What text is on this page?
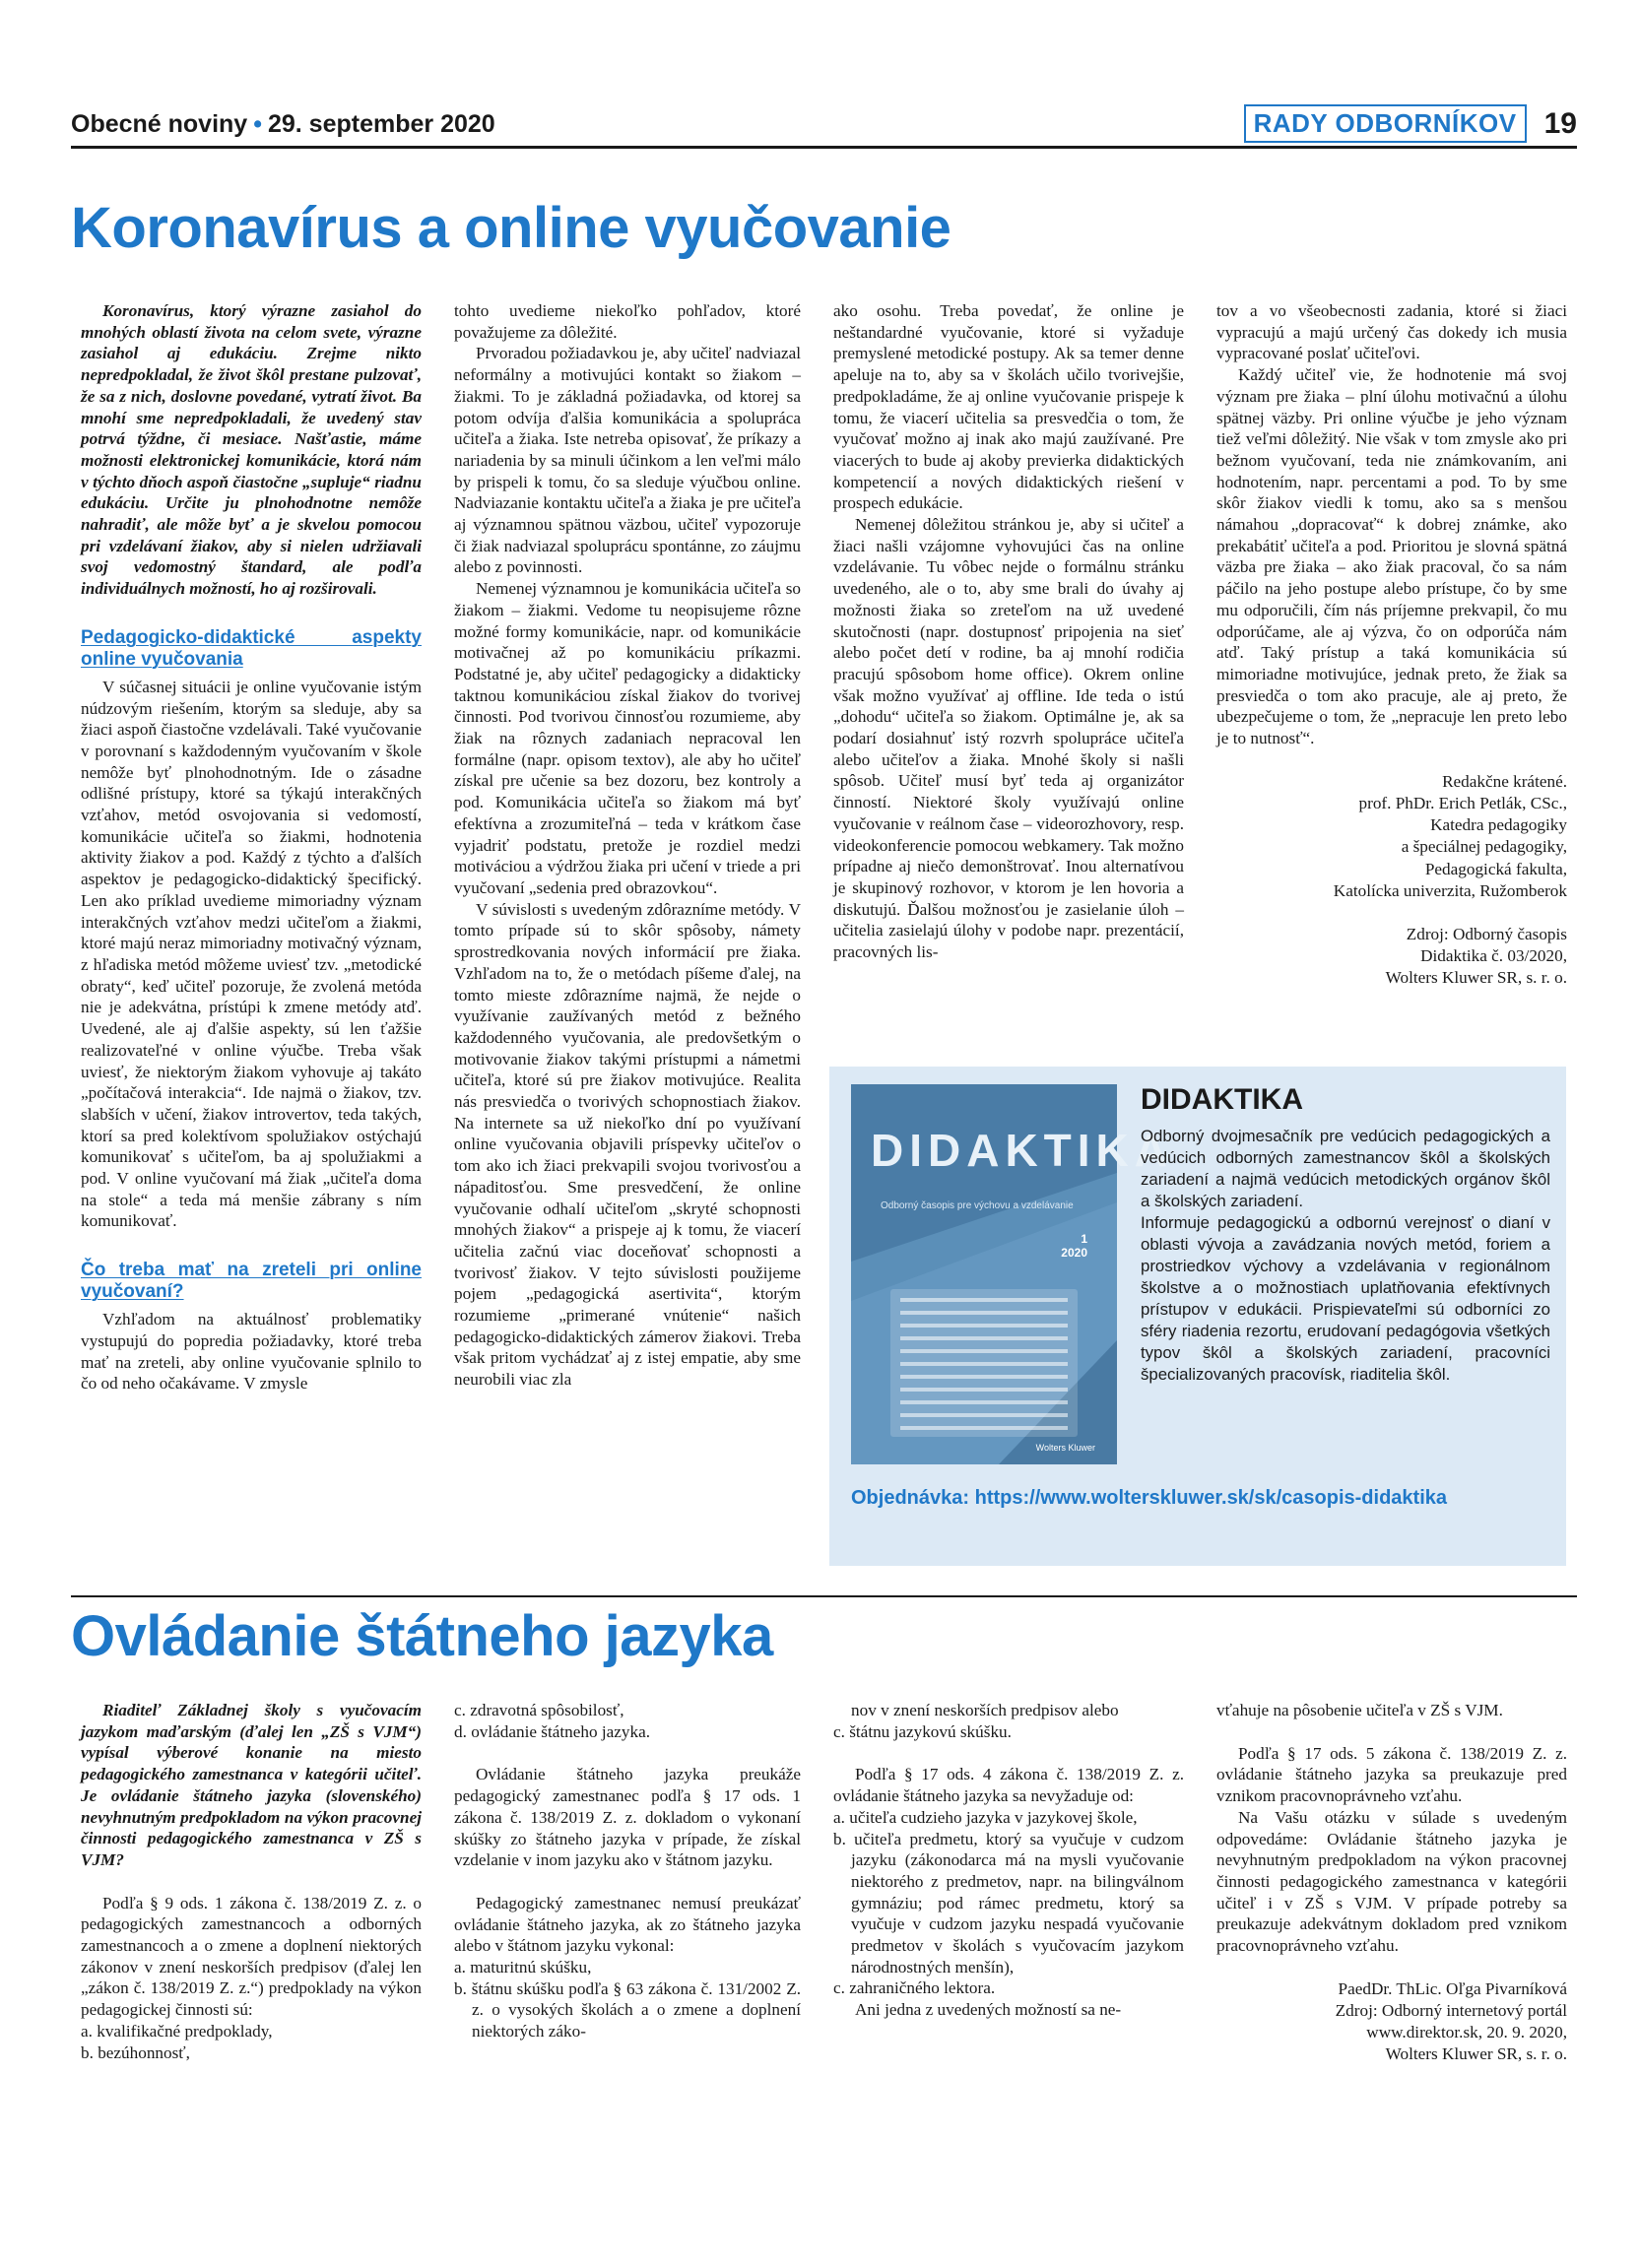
Obecné noviny • 29. september 2020	RADY ODBORNÍKOV 19
Koronavírus a online vyučovanie

Koronavírus, ktorý výrazne zasiahol do mnohých oblastí života na celom svete, výrazne zasiahol aj edukáciu. Zrejme nikto nepredpokladal, že život škôl prestane pulzovať, že sa z nich, doslovne povedané, vytratí život. Ba mnohí sme nepredpokladali, že uvedený stav potrvá týždne, či mesiace. Našťastie, máme možnosti elektronickej komunikácie, ktorá nám v týchto dňoch aspoň čiastočne „supluje“ riadnu edukáciu. Určite ju plnohodnotne nemôže nahradiť, ale môže byť a je skvelou pomocou pri vzdelávaní žiakov, aby si nielen udržiavali svoj vedomostný štandard, ale podľa individuálnych možností, ho aj rozširovali.

Pedagogicko-didaktické aspekty online vyučovania

V súčasnej situácii je online vyučovanie istým núdzovým riešením, ktorým sa sleduje, aby sa žiaci aspoň čiastočne vzdelávali. Také vyučovanie v porovnaní s každodenným vyučovaním v škole nemôže byť plnohodnotným. Ide o zásadne odlišné prístupy, ktoré sa týkajú interakčných vzťahov, metód osvojovania si vedomostí, komunikácie učiteľa so žiakmi, hodnotenia aktivity žiakov a pod. Každý z týchto a ďalších aspektov je pedagogicko-didaktický špecifický. Len ako príklad uvedieme mimoriadny význam interakčných vzťahov medzi učiteľom a žiakmi, ktoré majú neraz mimoriadny motivačný význam, z hľadiska metód môžeme uviesť tzv. „metodické obraty“, keď učiteľ pozoruje, že zvolená metóda nie je adekvátna, prístúpi k zmene metódy atď. Uvedené, ale aj ďalšie aspekty, sú len ťažšie realizovateľné v online výučbe. Treba však uviesť, že niektorým žiakom vyhovuje aj takáto „počítačová interakcia“. Ide najmä o žiakov, tzv. slabších v učení, žiakov introvertov, teda takých, ktorí sa pred kolektívom spolužiakov ostýchajú komunikovať s učiteľom, ba aj spolužiakmi a pod. V online vyučovaní má žiak „učiteľa doma na stole“ a teda má menšie zábrany s ním komunikovať.

Čo treba mať na zreteli pri online vyučovaní?

Vzhľadom na aktuálnosť problematiky vystupujú do popredia požiadavky, ktoré treba mať na zreteli, aby online vyučovanie splnilo to čo od neho očakávame. V zmysle

tohto uvedieme niekoľko pohľadov, ktoré považujeme za dôležité.

Prvoradou požiadavkou je, aby učiteľ nadviazal neformálny a motivujúci kontakt so žiakom – žiakmi. To je základná požiadavka, od ktorej sa potom odvíja ďalšia komunikácia a spolupráca učiteľa a žiaka. Iste netreba opisovať, že príkazy a nariadenia by sa minuli účinkom a len veľmi málo by prispeli k tomu, čo sa sleduje výučbou online. Nadviazanie kontaktu učiteľa a žiaka je pre učiteľa aj významnou spätnou väzbou, učiteľ vypozoruje či žiak nadviazal spoluprácu spontánne, zo záujmu alebo z povinnosti.

Nemenej významnou je komunikácia učiteľa so žiakom – žiakmi. Vedome tu neopisujeme rôzne možné formy komunikácie, napr. od komunikácie motivačnej až po komunikáciu príkazmi. Podstatné je, aby učiteľ pedagogicky a didakticky taktnou komunikáciou získal žiakov do tvorivej činnosti. Pod tvorivou činnosťou rozumieme, aby žiak na rôznych zadaniach nepracoval len formálne (napr. opisom textov), ale aby ho učiteľ získal pre učenie sa bez dozoru, bez kontroly a pod. Komunikácia učiteľa so žiakom má byť efektívna a zrozumiteľná – teda v krátkom čase vyjadriť podstatu, pretože je rozdiel medzi motiváciou a výdržou žiaka pri učení v triede a pri vyučovaní „sedenia pred obrazovkou“.

V súvislosti s uvedeným zdôrazníme metódy. V tomto prípade sú to skôr spôsoby, námety sprostredkovania nových informácií pre žiaka. Vzhľadom na to, že o metódach píšeme ďalej, na tomto mieste zdôrazníme najmä, že nejde o využívanie zaužívaných metód z bežného každodenného vyučovania, ale predovšetkým o motivovanie žiakov takými prístupmi a námetmi učiteľa, ktoré sú pre žiakov motivujúce. Realita nás presviedča o tvorivých schopnostiach žiakov. Na internete sa už niekoľko dní po využívaní online vyučovania objavili príspevky učiteľov o tom ako ich žiaci prekvapili svojou tvorivosťou a nápaditosťou. Sme presvedčení, že online vyučovanie odhalí učiteľom „skryté schopnosti mnohých žiakov“ a prispeje aj k tomu, že viacerí učitelia začnú viac doceňovať schopnosti a tvorivosť žiakov. V tejto súvislosti použijeme pojem „pedagogická asertivita“, ktorým rozumieme „primerané vnútenie“ našich pedagogicko-didaktických zámerov žiakovi. Treba však pritom vychádzať aj z istej empatie, aby sme neurobili viac zla

ako osohu. Treba povedať, že online je neštandardné vyučovanie, ktoré si vyžaduje premyslené metodické postupy. Ak sa temer denne apeluje na to, aby sa v školách učilo tvorivejšie, predpokladáme, že aj online vyučovanie prispeje k tomu, že viacerí učitelia sa presvedčia o tom, že vyučovať možno aj inak ako majú zaužívané. Pre viacerých to bude aj akoby previerka didaktických kompetencií a nových didaktických riešení v prospech edukácie.

Nemenej dôležitou stránkou je, aby si učiteľ a žiaci našli vzájomne vyhovujúci čas na online vzdelávanie. Tu vôbec nejde o formálnu stránku uvedeného, ale o to, aby sme brali do úvahy aj možnosti žiaka so zreteľom na už uvedené skutočnosti (napr. dostupnosť pripojenia na sieť alebo počet detí v rodine, ba aj mnohí rodičia pracujú spôsobom home office). Okrem online však možno využívať aj offline. Ide teda o istú „dohodu“ učiteľa so žiakom. Optimálne je, ak sa podarí dosiahnuť istý rozvrh spolupráce učiteľa alebo učiteľov a žiaka. Mnohé školy si našli spôsob. Učiteľ musí byť teda aj organizátor činností. Niektoré školy využívajú online vyučovanie v reálnom čase – videorozhovory, resp. videokonferencie pomocou webkamery. Tak možno prípadne aj niečo demonštrovať. Inou alternatívou je skupinový rozhovor, v ktorom je len hovoria a diskutujú. Ďalšou možnosťou je zasielanie úloh – učitelia zasielajú úlohy v podobe napr. prezentácií, pracovných lis-

tov a vo všeobecnosti zadania, ktoré si žiaci vypracujú a majú určený čas dokedy ich musia vypracované poslať učiteľovi.

Každý učiteľ vie, že hodnotenie má svoj význam pre žiaka – plní úlohu motivačnú a úlohu spätnej väzby. Pri online výučbe je jeho význam tiež veľmi dôležitý. Nie však v tom zmysle ako pri bežnom vyučovaní, teda nie známkovaním, ani hodnotením, napr. percentami a pod. To by sme skôr žiakov viedli k tomu, ako sa s menšou námahou „dopracovať“ k dobrej známke, ako prekabátiť učiteľa a pod. Prioritou je slovná spätná väzba pre žiaka – ako žiak pracoval, čo sa nám páčilo na jeho postupe alebo prístupe, čo by sme mu odporučili, čím nás príjemne prekvapil, čo mu odporúčame, ale aj výzva, čo on odporúča nám atď. Taký prístup a taká komunikácia sú mimoriadne motivujúce, jednak preto, že žiak sa presviedča o tom ako pracuje, ale aj preto, že ubezpečujeme o tom, že „nepracuje len preto lebo je to nutnosť“.

Redakčne krátené.
prof. PhDr. Erich Petlák, CSc.,
Katedra pedagogiky
a špeciálnej pedagogiky,
Pedagogická fakulta,
Katolícka univerzita, Ružomberok
Zdroj: Odborný časopis
Didaktika č. 03/2020,
Wolters Kluwer SR, s. r. o.
DIDAKTIKA
Odborný časopis pre výchovu a vzdelávanie
1
2020
Wolters Kluwer
DIDAKTIKA

Odborný dvojmesačník pre vedúcich pedagogických a vedúcich odborných zamestnancov škôl a školských zariadení a najmä vedúcich metodických orgánov škôl a školských zariadení.

Informuje pedagogickú a odbornú verejnosť o dianí v oblasti vývoja a zavádzania nových metód, foriem a prostriedkov výchovy a vzdelávania v regionálnom školstve a o možnostiach uplatňovania efektívnych prístupov v edukácii. Prispievateľmi sú odborníci zo sféry riadenia rezortu, erudovaní pedagógovia všetkých typov škôl a školských zariadení, pracovníci špecializovaných pracovísk, riaditelia škôl.

Objednávka: https://www.wolterskluwer.sk/sk/casopis-didaktika
Ovládanie štátneho jazyka

Riaditeľ Základnej školy s vyučovacím jazykom maďarským (ďalej len „ZŠ s VJM“) vypísal výberové konanie na miesto pedagogického zamestnanca v kategórii učiteľ. Je ovládanie štátneho jazyka (slovenského) nevyhnutným predpokladom na výkon pracovnej činnosti pedagogického zamestnanca v ZŠ s VJM?

Podľa § 9 ods. 1 zákona č. 138/2019 Z. z. o pedagogických zamestnancoch a odborných zamestnancoch a o zmene a doplnení niektorých zákonov v znení neskorších predpisov (ďalej len „zákon č. 138/2019 Z. z.“) predpoklady na výkon pedagogickej činnosti sú:

a. kvalifikačné predpoklady,

b. bezúhonnosť,

c. zdravotná spôsobilosť,

d. ovládanie štátneho jazyka.

Ovládanie štátneho jazyka preukáže pedagogický zamestnanec podľa § 17 ods. 1 zákona č. 138/2019 Z. z. dokladom o vykonaní skúšky zo štátneho jazyka v prípade, že získal vzdelanie v inom jazyku ako v štátnom jazyku.

Pedagogický zamestnanec nemusí preukázať ovládanie štátneho jazyka, ak zo štátneho jazyka alebo v štátnom jazyku vykonal:

a. maturitnú skúšku,

b. štátnu skúšku podľa § 63 zákona č. 131/2002 Z. z. o vysokých školách a o zmene a doplnení niektorých záko-

nov v znení neskorších predpisov alebo

c. štátnu jazykovú skúšku.

Podľa § 17 ods. 4 zákona č. 138/2019 Z. z. ovládanie štátneho jazyka sa nevyžaduje od:

a. učiteľa cudzieho jazyka v jazykovej škole,

b. učiteľa predmetu, ktorý sa vyučuje v cudzom jazyku (zákonodarca má na mysli vyučovanie niektorého z predmetov, napr. na bilingválnom gymnáziu; pod rámec predmetu, ktorý sa vyučuje v cudzom jazyku nespadá vyučovanie predmetov v školách s vyučovacím jazykom národnostných menšín),

c. zahraničného lektora.

Ani jedna z uvedených možností sa ne-

vťahuje na pôsobenie učiteľa v ZŠ s VJM.

Podľa § 17 ods. 5 zákona č. 138/2019 Z. z. ovládanie štátneho jazyka sa preukazuje pred vznikom pracovnoprávneho vzťahu.

Na Vašu otázku v súlade s uvedeným odpovedáme: Ovládanie štátneho jazyka je nevyhnutným predpokladom na výkon pracovnej činnosti pedagogického zamestnanca v kategórii učiteľ i v ZŠ s VJM. V prípade potreby sa preukazuje adekvátnym dokladom pred vznikom pracovnoprávneho vzťahu.

PaedDr. ThLic. Oľga Pivarníková
Zdroj: Odborný internetový portál
www.direktor.sk, 20. 9. 2020,
Wolters Kluwer SR, s. r. o.
